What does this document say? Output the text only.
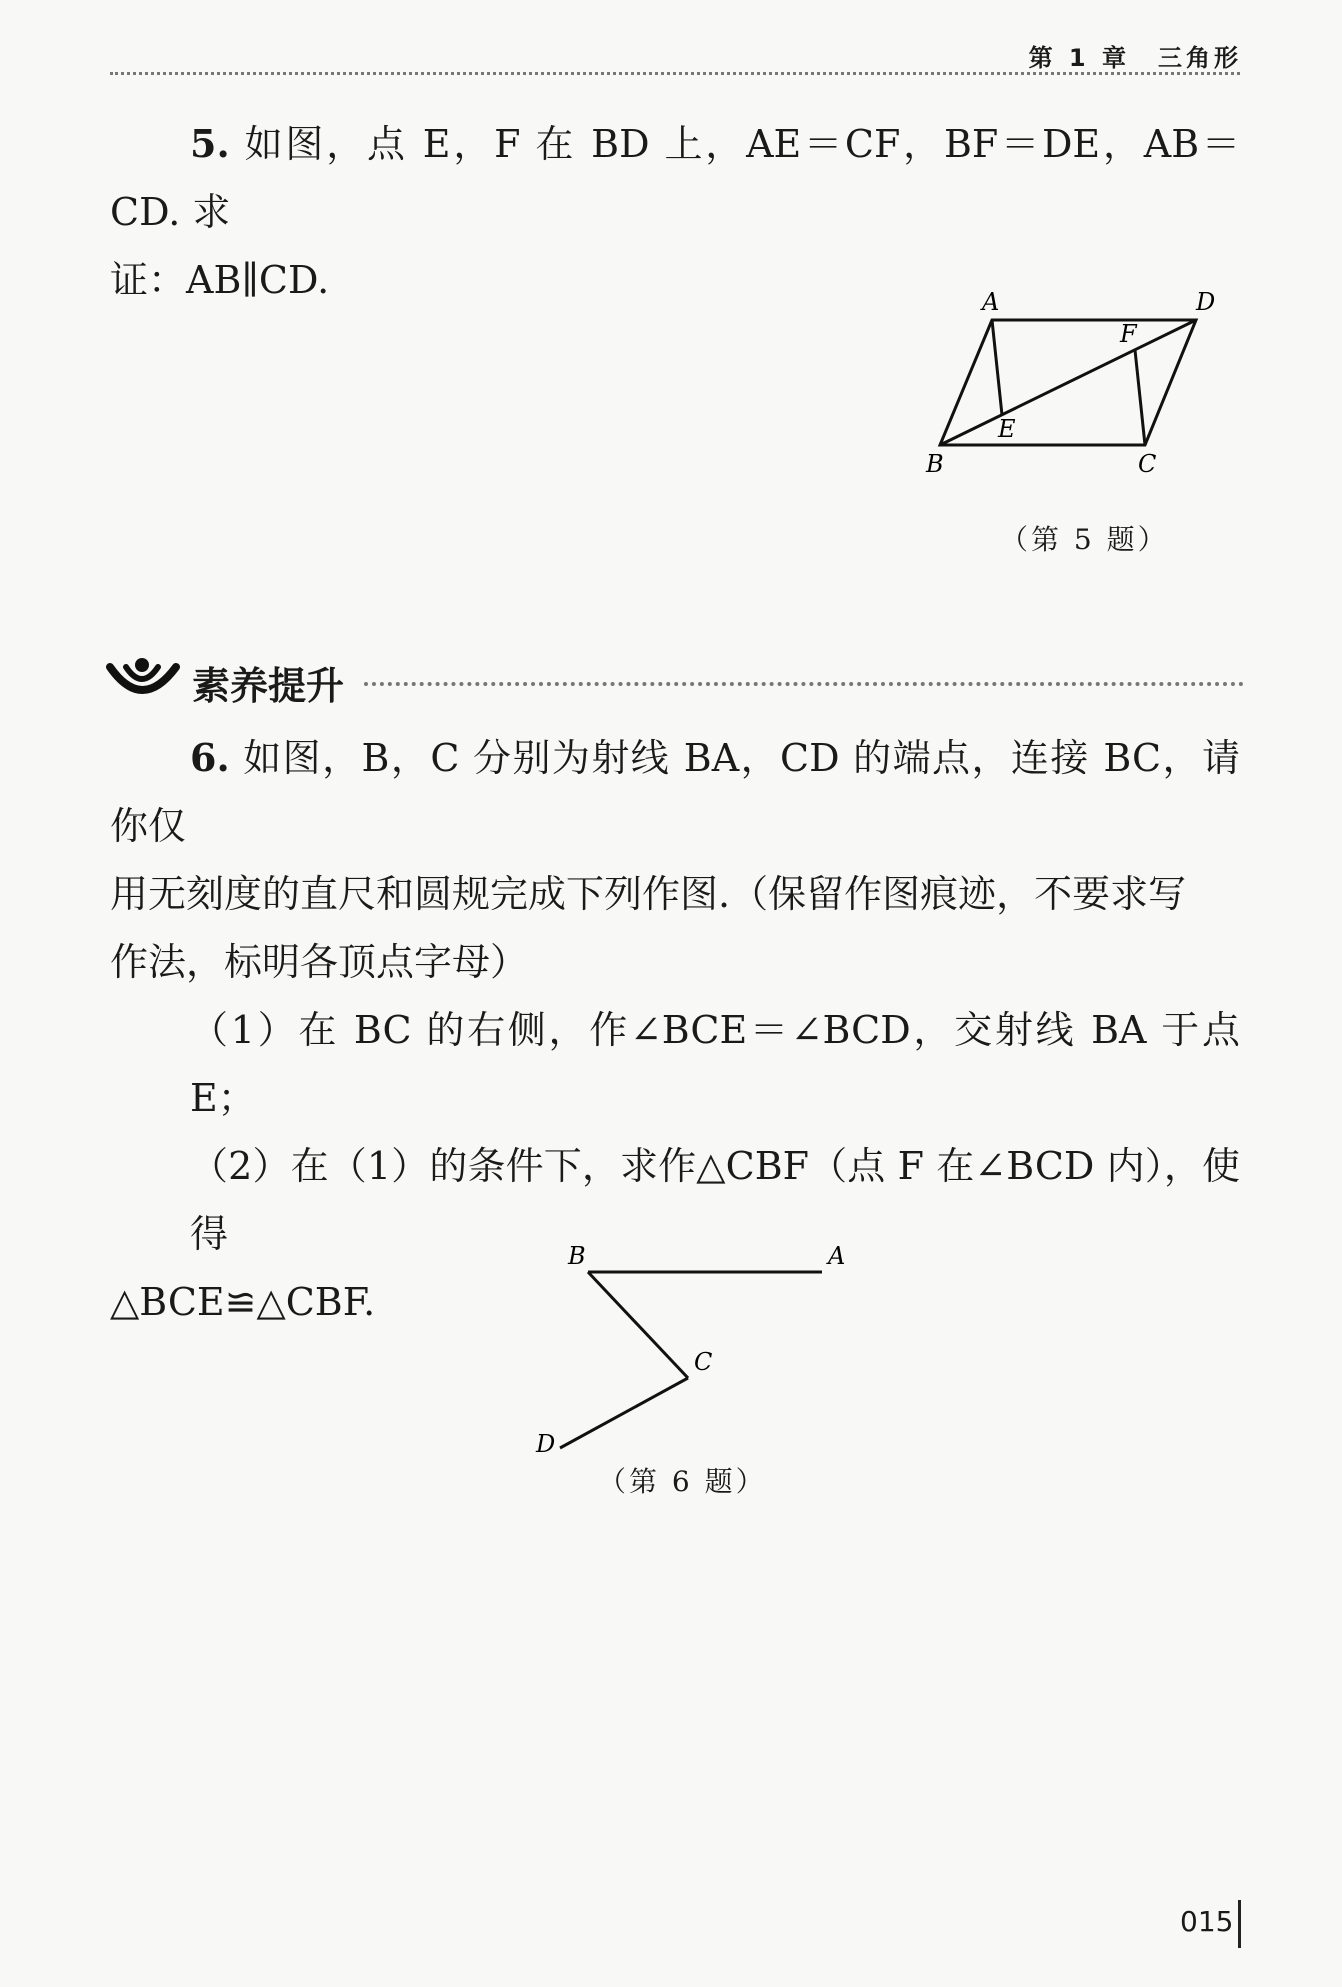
第 1 章　三角形
5. 如图，点 E，F 在 BD 上，AE＝CF，BF＝DE，AB＝CD. 求
证：AB∥CD.	A	D
F
E
B	C
（第 5 题）
素养提升
6. 如图，B，C 分别为射线 BA，CD 的端点，连接 BC，请你仅
用无刻度的直尺和圆规完成下列作图.（保留作图痕迹，不要求写
作法，标明各顶点字母）
（1）在 BC 的右侧，作∠BCE＝∠BCD，交射线 BA 于点 E；
（2）在（1）的条件下，求作△CBF（点 F 在∠BCD 内），使得
△BCE≌△CBF.
B	A
C
D
（第 6 题）
015
